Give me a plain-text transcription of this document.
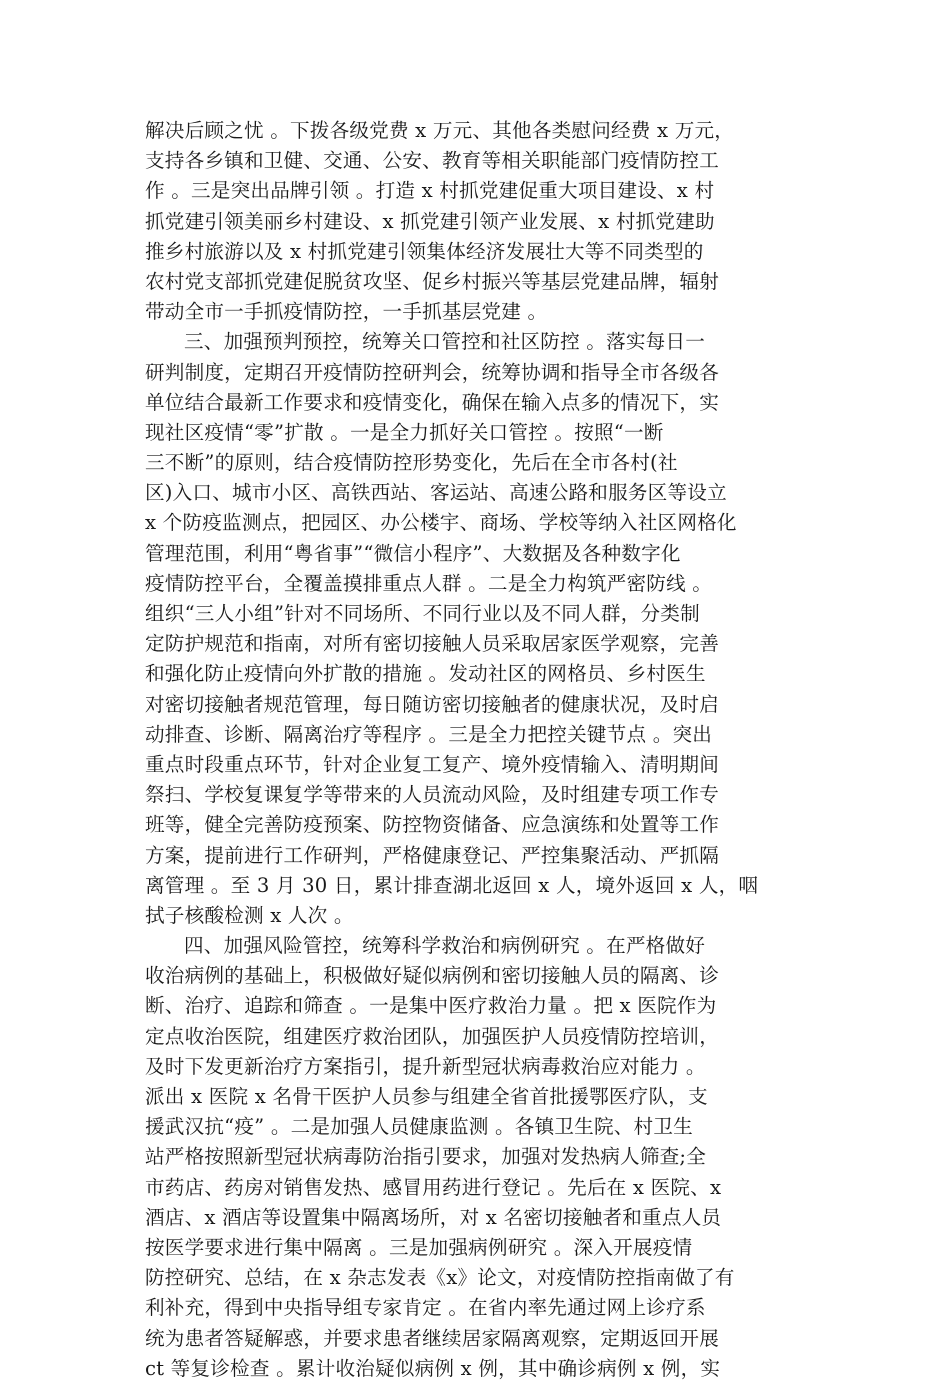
解决后顾之忧 。下拨各级党费 x 万元、其他各类慰问经费 x 万元，
支持各乡镇和卫健、交通、公安、教育等相关职能部门疫情防控工
作 。三是突出品牌引领 。打造 x 村抓党建促重大项目建设、x 村
抓党建引领美丽乡村建设、x 抓党建引领产业发展、x 村抓党建助
推乡村旅游以及 x 村抓党建引领集体经济发展壮大等不同类型的
农村党支部抓党建促脱贫攻坚、促乡村振兴等基层党建品牌，辐射
带动全市一手抓疫情防控，一手抓基层党建 。
三、加强预判预控，统筹关口管控和社区防控 。落实每日一
研判制度，定期召开疫情防控研判会，统筹协调和指导全市各级各
单位结合最新工作要求和疫情变化，确保在输入点多的情况下，实
现社区疫情“零”扩散 。一是全力抓好关口管控 。按照“一断
三不断”的原则，结合疫情防控形势变化，先后在全市各村(社
区)入口、城市小区、高铁西站、客运站、高速公路和服务区等设立
x 个防疫监测点，把园区、办公楼宇、商场、学校等纳入社区网格化
管理范围，利用“粤省事”“微信小程序”、大数据及各种数字化
疫情防控平台，全覆盖摸排重点人群 。二是全力构筑严密防线 。
组织“三人小组”针对不同场所、不同行业以及不同人群，分类制
定防护规范和指南，对所有密切接触人员采取居家医学观察，完善
和强化防止疫情向外扩散的措施 。发动社区的网格员、乡村医生
对密切接触者规范管理，每日随访密切接触者的健康状况，及时启
动排查、诊断、隔离治疗等程序 。三是全力把控关键节点 。突出
重点时段重点环节，针对企业复工复产、境外疫情输入、清明期间
祭扫、学校复课复学等带来的人员流动风险，及时组建专项工作专
班等，健全完善防疫预案、防控物资储备、应急演练和处置等工作
方案，提前进行工作研判，严格健康登记、严控集聚活动、严抓隔
离管理 。至 3 月 30 日，累计排查湖北返回 x 人，境外返回 x 人，咽
拭子核酸检测 x 人次 。
四、加强风险管控，统筹科学救治和病例研究 。在严格做好
收治病例的基础上，积极做好疑似病例和密切接触人员的隔离、诊
断、治疗、追踪和筛查 。一是集中医疗救治力量 。把 x 医院作为
定点收治医院，组建医疗救治团队，加强医护人员疫情防控培训，
及时下发更新治疗方案指引，提升新型冠状病毒救治应对能力 。
派出 x 医院 x 名骨干医护人员参与组建全省首批援鄂医疗队，支
援武汉抗“疫” 。二是加强人员健康监测 。各镇卫生院、村卫生
站严格按照新型冠状病毒防治指引要求，加强对发热病人筛查;全
市药店、药房对销售发热、感冒用药进行登记 。先后在 x 医院、x
酒店、x 酒店等设置集中隔离场所，对 x 名密切接触者和重点人员
按医学要求进行集中隔离 。三是加强病例研究 。深入开展疫情
防控研究、总结，在 x 杂志发表《x》论文，对疫情防控指南做了有
利补充，得到中央指导组专家肯定 。在省内率先通过网上诊疗系
统为患者答疑解惑，并要求患者继续居家隔离观察，定期返回开展
ct 等复诊检查 。累计收治疑似病例 x 例，其中确诊病例 x 例，实
